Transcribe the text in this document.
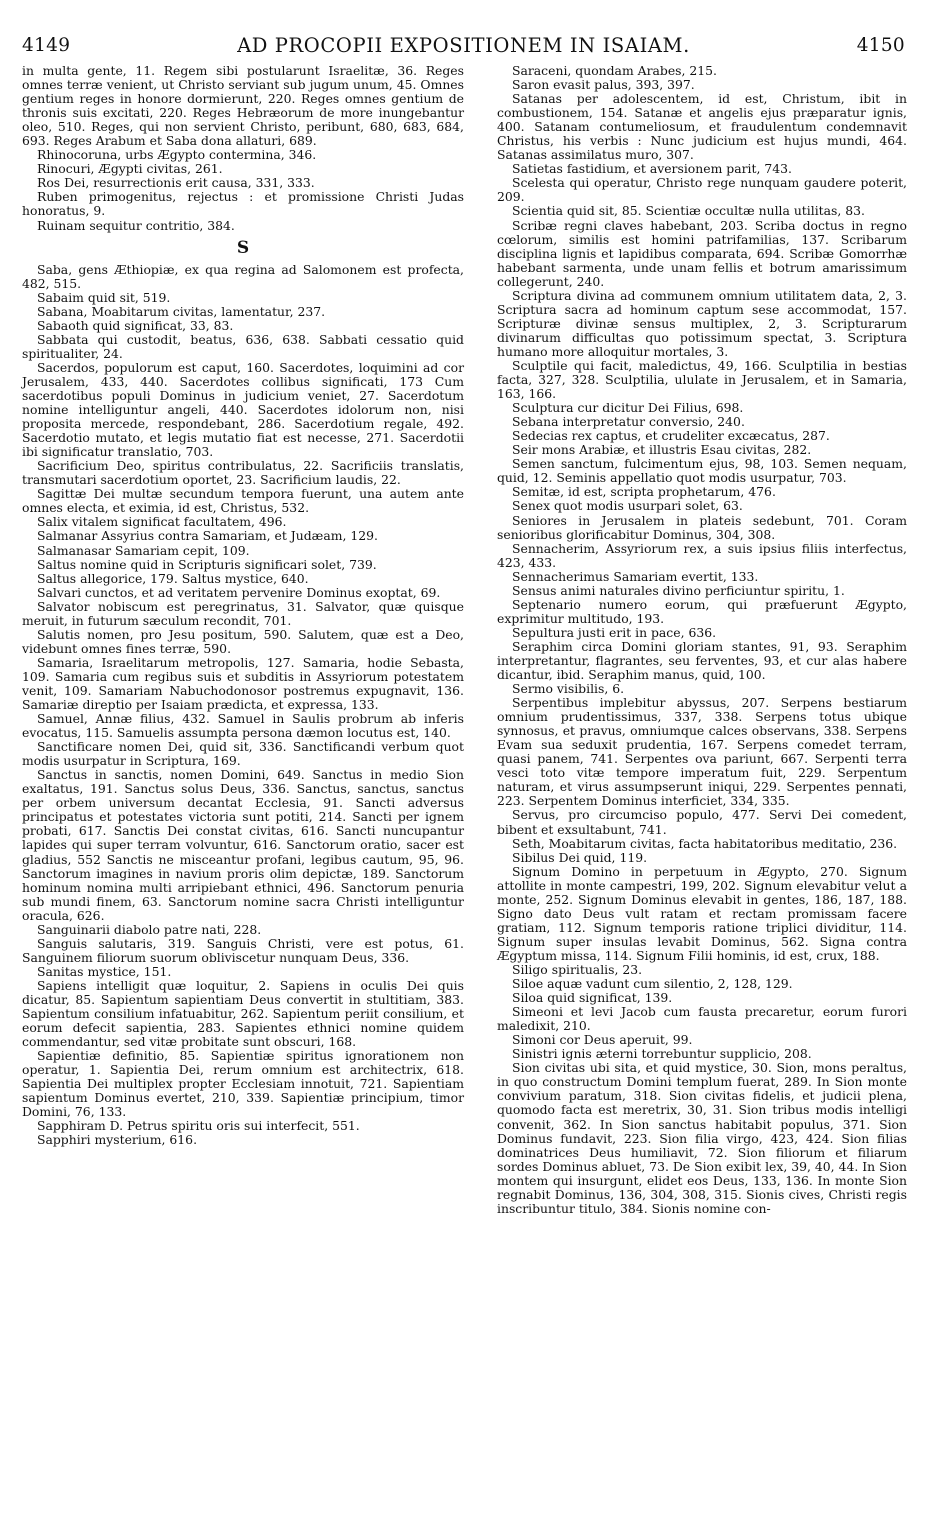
4149	AD PROCOPII EXPOSITIONEM IN ISAIAM.	4150

in multa gente, 11. Regem sibi postularunt Israelitæ, 36. Reges omnes terræ venient, ut Christo serviant sub jugum unum, 45. Omnes gentium reges in honore dormierunt, 220. Reges omnes gentium de thronis suis excitati, 220. Reges Hebræorum de more inungebantur oleo, 510. Reges, qui non servient Christo, peribunt, 680, 683, 684, 693. Reges Arabum et Saba dona allaturi, 689.

Rhinocoruna, urbs Ægypto conterminа, 346.

Rinocuri, Ægypti civitas, 261.

Ros Dei, resurrectionis erit causa, 331, 333.

Ruben primogenitus, rejectus : et promissione Christi Judas honoratus, 9.

Ruinam sequitur contritio, 384.

S

Saba, gens Æthiopiæ, ex qua regina ad Salomonem est profecta, 482, 515.

Sabaim quid sit, 519.

Sabana, Moabitarum civitas, lamentatur, 237.

Sabaoth quid significat, 33, 83.

Sabbata qui custodit, beatus, 636, 638. Sabbati cessatio quid spiritualiter, 24.

Sacerdos, populorum est caput, 160. Sacerdotes, loquimini ad cor Jerusalem, 433, 440. Sacerdotes collibus significati, 173 Cum sacerdotibus populi Dominus in judicium veniet, 27. Sacerdotum nomine intelliguntur angeli, 440. Sacerdotes idolorum non, nisi proposita mercede, respondebant, 286. Sacerdotium regale, 492. Sacerdotio mutato, et legis mutatio fiat est necesse, 271. Sacerdotii ibi significatur translatio, 703.

Sacrificium Deo, spiritus contribulatus, 22. Sacrificiis translatis, transmutari sacerdotium oportet, 23. Sacrificium laudis, 22.

Sagittæ Dei multæ secundum tempora fuerunt, una autem ante omnes electa, et eximia, id est, Christus, 532.

Salix vitalem significat facultatem, 496.

Salmanar Assyrius contra Samariam, et Judæam, 129.

Salmanasar Samariam cepit, 109.

Saltus nomine quid in Scripturis significari solet, 739.

Saltus allegorice, 179. Saltus mystice, 640.

Salvari cunctos, et ad veritatem pervenire Dominus exoptat, 69.

Salvator nobiscum est peregrinatus, 31. Salvator, quæ quisque meruit, in futurum sæculum recondit, 701.

Salutis nomen, pro Jesu positum, 590. Salutem, quæ est a Deo, videbunt omnes fines terræ, 590.

Samaria, Israelitarum metropolis, 127. Samaria, hodie Sebasta, 109. Samaria cum regibus suis et subditis in Assyriorum potestatem venit, 109. Samariam Nabuchodonosor postremus expugnavit, 136. Samariæ direptio per Isaiam prædicta, et expressa, 133.

Samuel, Annæ filius, 432. Samuel in Saulis probrum ab inferis evocatus, 115. Samuelis assumpta persona dæmon locutus est, 140.

Sanctificare nomen Dei, quid sit, 336. Sanctificandi verbum quot modis usurpatur in Scriptura, 169.

Sanctus in sanctis, nomen Domini, 649. Sanctus in medio Sion exaltatus, 191. Sanctus solus Deus, 336. Sanctus, sanctus, sanctus per orbem universum decantat Ecclesia, 91. Sancti adversus principatus et potestates victoria sunt potiti, 214. Sancti per ignem probati, 617. Sanctis Dei constat civitas, 616. Sancti nuncupantur lapides qui super terram volvuntur, 616. Sanctorum oratio, sacer est gladius, 552 Sanctis ne misceantur profani, legibus cautum, 95, 96. Sanctorum imagines in navium proris olim depictæ, 189. Sanctorum hominum nomina multi arripiebant ethnici, 496. Sanctorum penuria sub mundi finem, 63. Sanctorum nomine sacra Christi intelliguntur oracula, 626.

Sanguinarii diabolo patre nati, 228.

Sanguis salutaris, 319. Sanguis Christi, vere est potus, 61. Sanguinem filiorum suorum obliviscetur nunquam Deus, 336.

Sanitas mystice, 151.

Sapiens intelligit quæ loquitur, 2. Sapiens in oculis Dei quis dicatur, 85. Sapientum sapientiam Deus convertit in stultitiam, 383. Sapientum consilium infatuabitur, 262. Sapientum periit consilium, et eorum defecit sapientia, 283. Sapientes ethnici nomine quidem commendantur, sed vitæ probitate sunt obscuri, 168.

Sapientiæ definitio, 85. Sapientiæ spiritus ignorationem non operatur, 1. Sapientia Dei, rerum omnium est architectrix, 618. Sapientia Dei multiplex propter Ecclesiam innotuit, 721. Sapientiam sapientum Dominus evertet, 210, 339. Sapientiæ principium, timor Domini, 76, 133.

Sapphiram D. Petrus spiritu oris sui interfecit, 551.

Sapphiri mysterium, 616.

Saraceni, quondam Arabes, 215.

Saron evasit palus, 393, 397.

Satanas per adolescentem, id est, Christum, ibit in combustionem, 154. Satanæ et angelis ejus præparatur ignis, 400. Satanam contumeliosum, et fraudulentum condemnavit Christus, his verbis : Nunc judicium est hujus mundi, 464. Satanas assimilatus muro, 307.

Satietas fastidium, et aversionem parit, 743.

Scelesta qui operatur, Christo rege nunquam gaudere poterit, 209.

Scientia quid sit, 85. Scientiæ occultæ nulla utilitas, 83.

Scribæ regni claves habebant, 203. Scriba doctus in regno cœlorum, similis est homini patrifamilias, 137. Scribarum disciplina lignis et lapidibus comparata, 694. Scribæ Gomorrhæ habebant sarmenta, unde unam fellis et botrum amarissimum collegerunt, 240.

Scriptura divina ad communem omnium utilitatem data, 2, 3. Scriptura sacra ad hominum captum sese accommodat, 157. Scripturæ divinæ sensus multiplex, 2, 3. Scripturarum divinarum difficultas quo potissimum spectat, 3. Scriptura humano more alloquitur mortales, 3.

Sculptile qui facit, maledictus, 49, 166. Sculptilia in bestias facta, 327, 328. Sculptilia, ululate in Jerusalem, et in Samaria, 163, 166.

Sculptura cur dicitur Dei Filius, 698.

Sebana interpretatur conversio, 240.

Sedecias rex captus, et crudeliter excæcatus, 287.

Seir mons Arabiæ, et illustris Esau civitas, 282.

Semen sanctum, fulcimentum ejus, 98, 103. Semen nequam, quid, 12. Seminis appellatio quot modis usurpatur, 703.

Semitæ, id est, scripta prophetarum, 476.

Senex quot modis usurpari solet, 63.

Seniores in Jerusalem in plateis sedebunt, 701. Coram senioribus glorificabitur Dominus, 304, 308.

Sennacherim, Assyriorum rex, a suis ipsius filiis interfectus, 423, 433.

Sennacherimus Samariam evertit, 133.

Sensus animi naturales divino perficiuntur spiritu, 1.

Septenario numero eorum, qui præfuerunt Ægypto, exprimitur multitudo, 193.

Sepultura justi erit in pace, 636.

Seraphim circa Domini gloriam stantes, 91, 93. Seraphim interpretantur, flagrantes, seu ferventes, 93, et cur alas habere dicantur, ibid. Seraphim manus, quid, 100.

Sermo visibilis, 6.

Serpentibus implebitur abyssus, 207. Serpens bestiarum omnium prudentissimus, 337, 338. Serpens totus ubique synnosus, et pravus, omniumque calces observans, 338. Serpens Evam sua seduxit prudentia, 167. Serpens comedet terram, quasi panem, 741. Serpentes ova pariunt, 667. Serpenti terra vesci toto vitæ tempore imperatum fuit, 229. Serpentum naturam, et virus assumpserunt iniqui, 229. Serpentes pennati, 223. Serpentem Dominus interficiet, 334, 335.

Servus, pro circumciso populo, 477. Servi Dei comedent, bibent et exsultabunt, 741.

Seth, Moabitarum civitas, facta habitatoribus meditatio, 236.

Sibilus Dei quid, 119.

Signum Domino in perpetuum in Ægypto, 270. Signum attollite in monte campestri, 199, 202. Signum elevabitur velut a monte, 252. Signum Dominus elevabit in gentes, 186, 187, 188. Signo dato Deus vult ratam et rectam promissam facere gratiam, 112. Signum temporis ratione triplici dividitur, 114. Signum super insulas levabit Dominus, 562. Signa contra Ægyptum missa, 114. Signum Filii hominis, id est, crux, 188.

Siligo spiritualis, 23.

Siloe aquæ vadunt cum silentio, 2, 128, 129.

Siloa quid significat, 139.

Simeoni et levi Jacob cum fausta precaretur, eorum furori maledixit, 210.

Simoni cor Deus aperuit, 99.

Sinistri ignis æterni torrebuntur supplicio, 208.

Sion civitas ubi sita, et quid mystice, 30. Sion, mons peraltus, in quo constructum Domini templum fuerat, 289. In Sion monte convivium paratum, 318. Sion civitas fidelis, et judicii plena, quomodo facta est meretrix, 30, 31. Sion tribus modis intelligi convenit, 362. In Sion sanctus habitabit populus, 371. Sion Dominus fundavit, 223. Sion filia virgo, 423, 424. Sion filias dominatrices Deus humiliavit, 72. Sion filiorum et filiarum sordes Dominus abluet, 73. De Sion exibit lex, 39, 40, 44. In Sion montem qui insurgunt, elidet eos Deus, 133, 136. In monte Sion regnabit Dominus, 136, 304, 308, 315. Sionis cives, Christi regis inscribuntur titulo, 384. Sionis nomine con-
